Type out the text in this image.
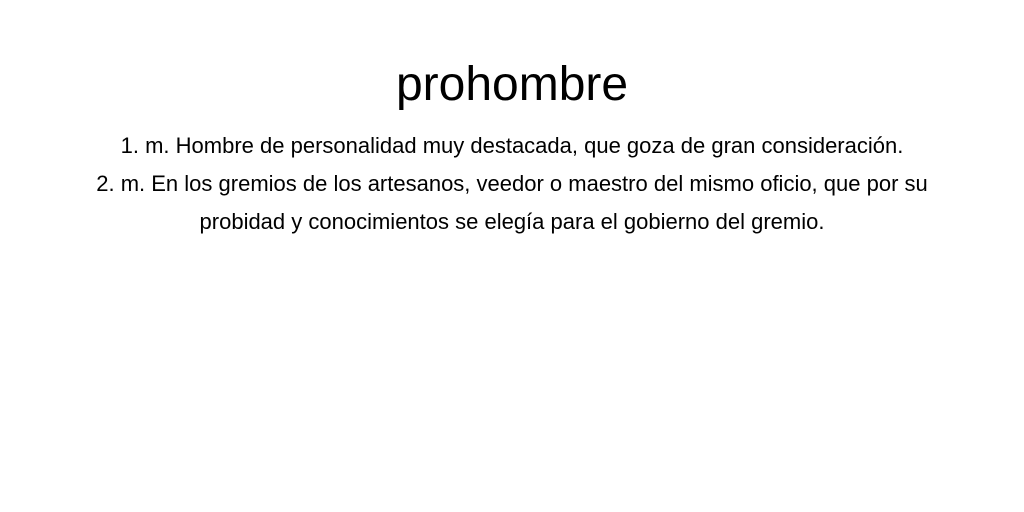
prohombre
1. m. Hombre de personalidad muy destacada, que goza de gran consideración.
2. m. En los gremios de los artesanos, veedor o maestro del mismo oficio, que por su probidad y conocimientos se elegía para el gobierno del gremio.
